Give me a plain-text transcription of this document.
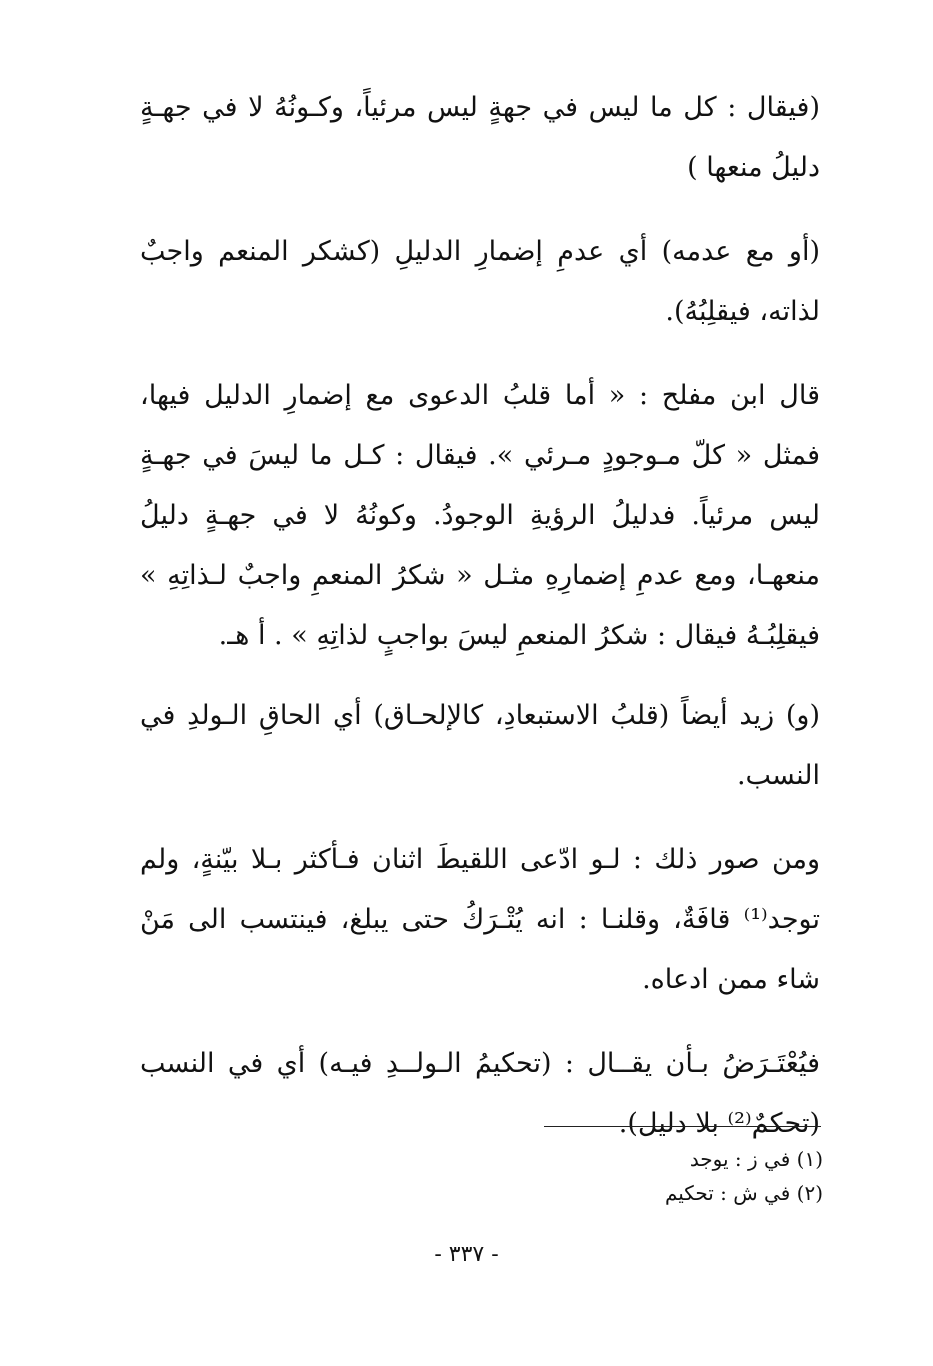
(فيقال : كل ما ليس في جهةٍ ليس مرئياً، وكـونُهُ لا في جهـةٍ دليلُ منعها )

(أو مع عدمه) أي عدمِ إضمارِ الدليلِ (كشكر المنعم واجبٌ لذاته، فيقلِبُهُ).

قال ابن مفلح : « أما قلبُ الدعوى مع إضمارِ الدليل فيها، فمثل « كلّ مـوجودٍ مـرئي ». فيقال : كـل ما ليسَ في جهـةٍ ليس مرئياً. فدليلُ الرؤيةِ الوجودُ. وكونُهُ لا في جهـةٍ دليلُ منعهـا، ومع عدمِ إضمارِهِ مثـل « شكرُ المنعمِ واجبٌ لـذاتِهِ » فيقلِبُـهُ فيقال : شكرُ المنعمِ ليسَ بواجبٍ لذاتِهِ » . أ هـ.

(و) زيد أيضاً (قلبُ الاستبعادِ، كالإلحـاق) أي الحاقِ الـولدِ في النسب.

ومن صور ذلك : لـو ادّعى اللقيطَ اثنان فـأكثر بـلا بيّنةٍ، ولم توجد⁽¹⁾ قافَةٌ، وقلنـا : انه يُتْـرَكُ حتى يبلغ، فينتسب الى مَنْ شاء ممن ادعاه.

فيُعْتَـرَضُ بـأن يقــال : (تحكيمُ الـولــدِ فيـه) أي في النسب (تحكمٌ⁽²⁾ بلا دليل).

(١) في ز : يوجد

(٢) في ش : تحكيم

- ٣٣٧ -
